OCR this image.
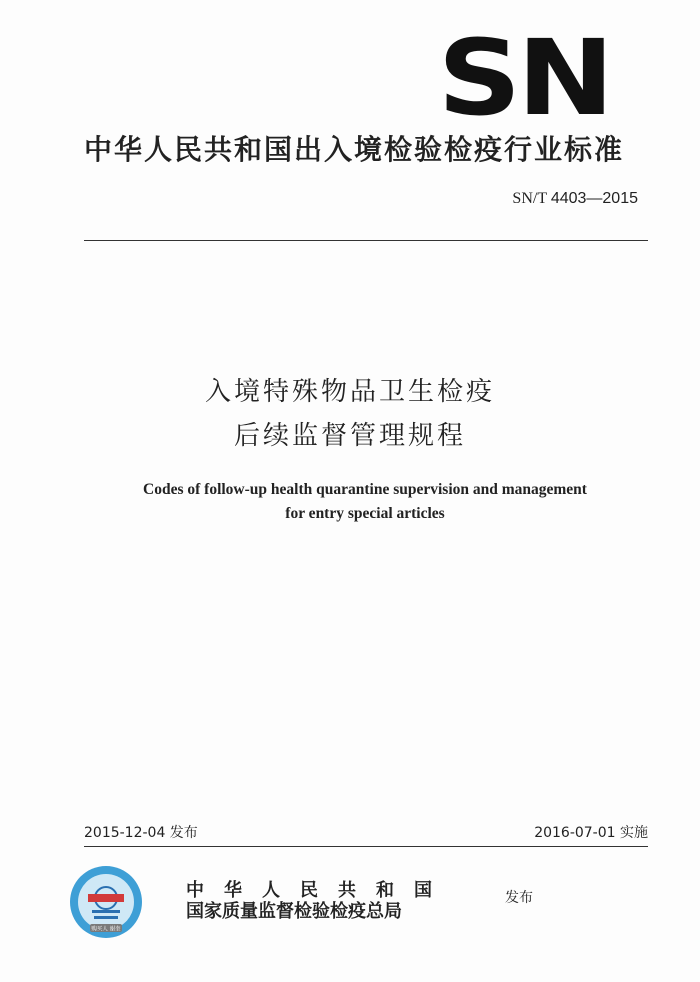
SN
中华人民共和国出入境检验检疫行业标准
SN/T 4403—2015
入境特殊物品卫生检疫
后续监督管理规程
Codes of follow-up health quarantine supervision and management
for entry special articles
2015-12-04 发布	2016-07-01 实施
购买人 谢奎
中华人民共和国
国家质量监督检验检疫总局
发布
